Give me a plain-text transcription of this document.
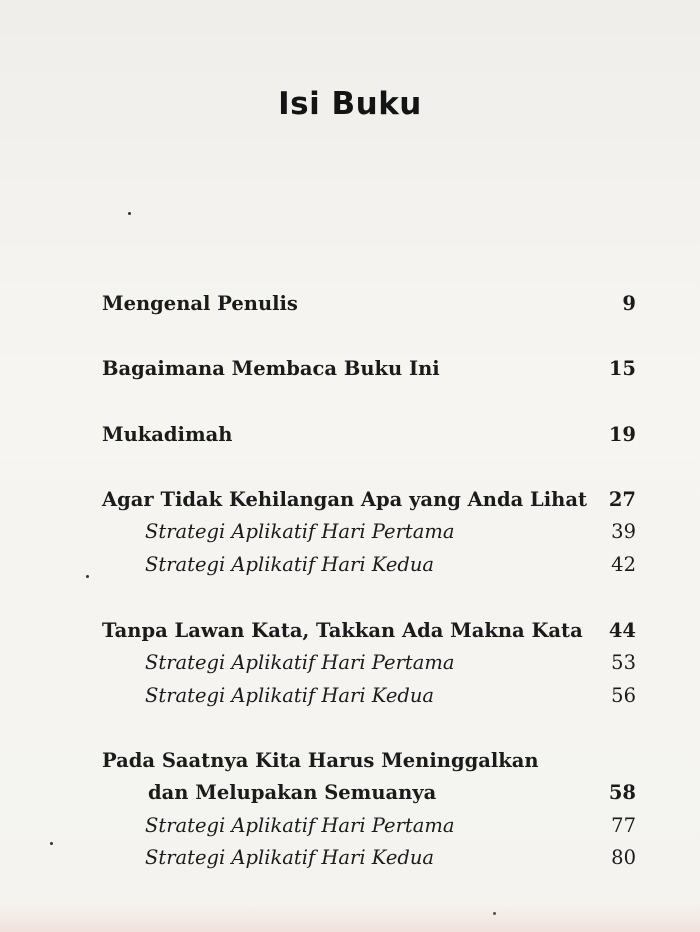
Isi Buku
Mengenal Penulis	9
Bagaimana Membaca Buku Ini	15
Mukadimah	19
Agar Tidak Kehilangan Apa yang Anda Lihat 27
Strategi Aplikatif Hari Pertama	39
Strategi Aplikatif Hari Kedua	42
Tanpa Lawan Kata, Takkan Ada Makna Kata 44
Strategi Aplikatif Hari Pertama	53
Strategi Aplikatif Hari Kedua	56
Pada Saatnya Kita Harus Meninggalkan
dan Melupakan Semuanya	58
Strategi Aplikatif Hari Pertama	77
Strategi Aplikatif Hari Kedua	80
